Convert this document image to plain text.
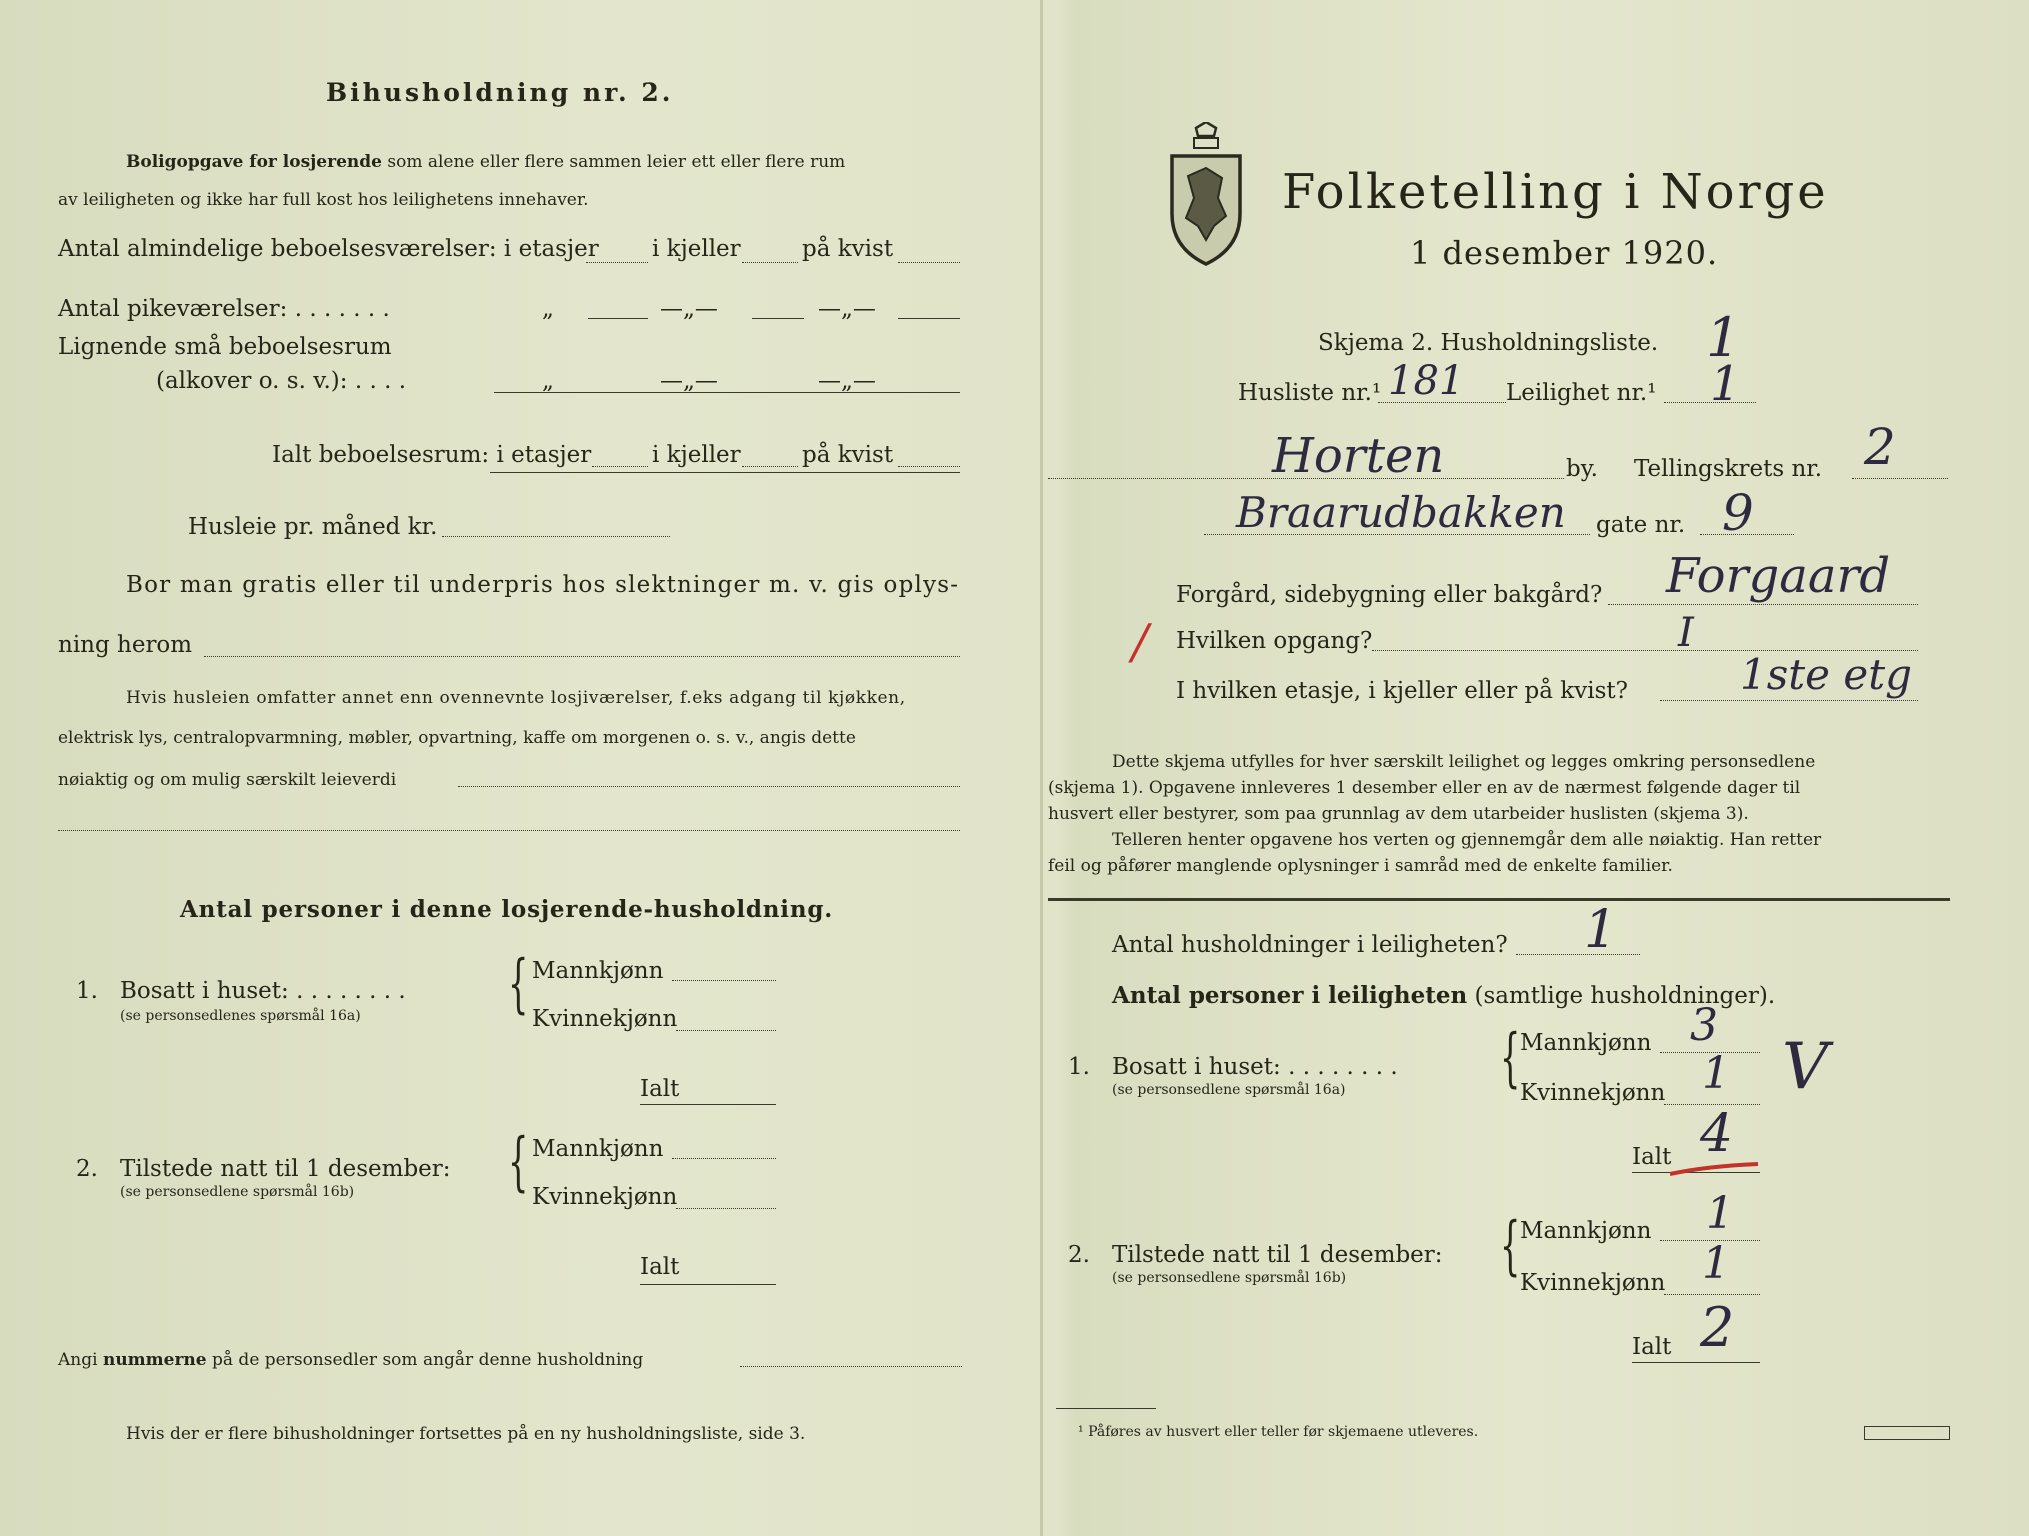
Bihusholdning nr. 2.
Boligopgave for losjerende som alene eller flere sammen leier ett eller flere rum
av leiligheten og ikke har full kost hos leilighetens innehaver.
Antal almindelige beboelsesværelser: i etasjer i kjeller	på kvist
Antal pikeværelser: . . . . . . .	„	—„—	—„—
Lignende små beboelsesrum
(alkover o. s. v.): . . . .	„	—„—	—„—
Ialt beboelsesrum: i etasjer	i kjeller	på kvist
Husleie pr. måned kr.
Bor man gratis eller til underpris hos slektninger m. v. gis oplys-
ning herom
Hvis husleien omfatter annet enn ovennevnte losjiværelser, f.eks adgang til kjøkken,
elektrisk lys, centralopvarmning, møbler, opvartning, kaffe om morgenen o. s. v., angis dette
nøiaktig og om mulig særskilt leieverdi
Antal personer i denne losjerende-husholdning.
1. Bosatt i huset: . . . . . . . .
(se personsedlenes spørsmål 16a) { Mannkjønn
Kvinnekjønn
Ialt
2. Tilstede natt til 1 desember:
(se personsedlene spørsmål 16b) { Mannkjønn
Kvinnekjønn
Ialt
Angi nummerne på de personsedler som angår denne husholdning
Hvis der er flere bihusholdninger fortsettes på en ny husholdningsliste, side 3.
Folketelling i Norge
1 desember 1920.
Skjema 2. Husholdningsliste. 1
Husliste nr.¹ 181 Leilighet nr.¹ 1
Horten	by. Tellingskrets nr. 2
Braarudbakken gate nr. 9
Forgård, sidebygning eller bakgård? Forgaard
/ Hvilken opgang?	I
I hvilken etasje, i kjeller eller på kvist?	1ste etg
Dette skjema utfylles for hver særskilt leilighet og legges omkring personsedlene
(skjema 1). Opgavene innleveres 1 desember eller en av de nærmest følgende dager til
husvert eller bestyrer, som paa grunnlag av dem utarbeider huslisten (skjema 3).
Telleren henter opgavene hos verten og gjennemgår dem alle nøiaktig. Han retter
feil og påfører manglende oplysninger i samråd med de enkelte familier.
Antal husholdninger i leiligheten? 1
Antal personer i leiligheten (samtlige husholdninger).
1. Bosatt i huset: . . . . . . . .
(se personsedlene spørsmål 16a) { Mannkjønn 3
Kvinnekjønn 1 V
Ialt 4
2. Tilstede natt til 1 desember:
(se personsedlene spørsmål 16b) { Mannkjønn 1
Kvinnekjønn 1
Ialt 2
¹ Påføres av husvert eller teller før skjemaene utleveres.
